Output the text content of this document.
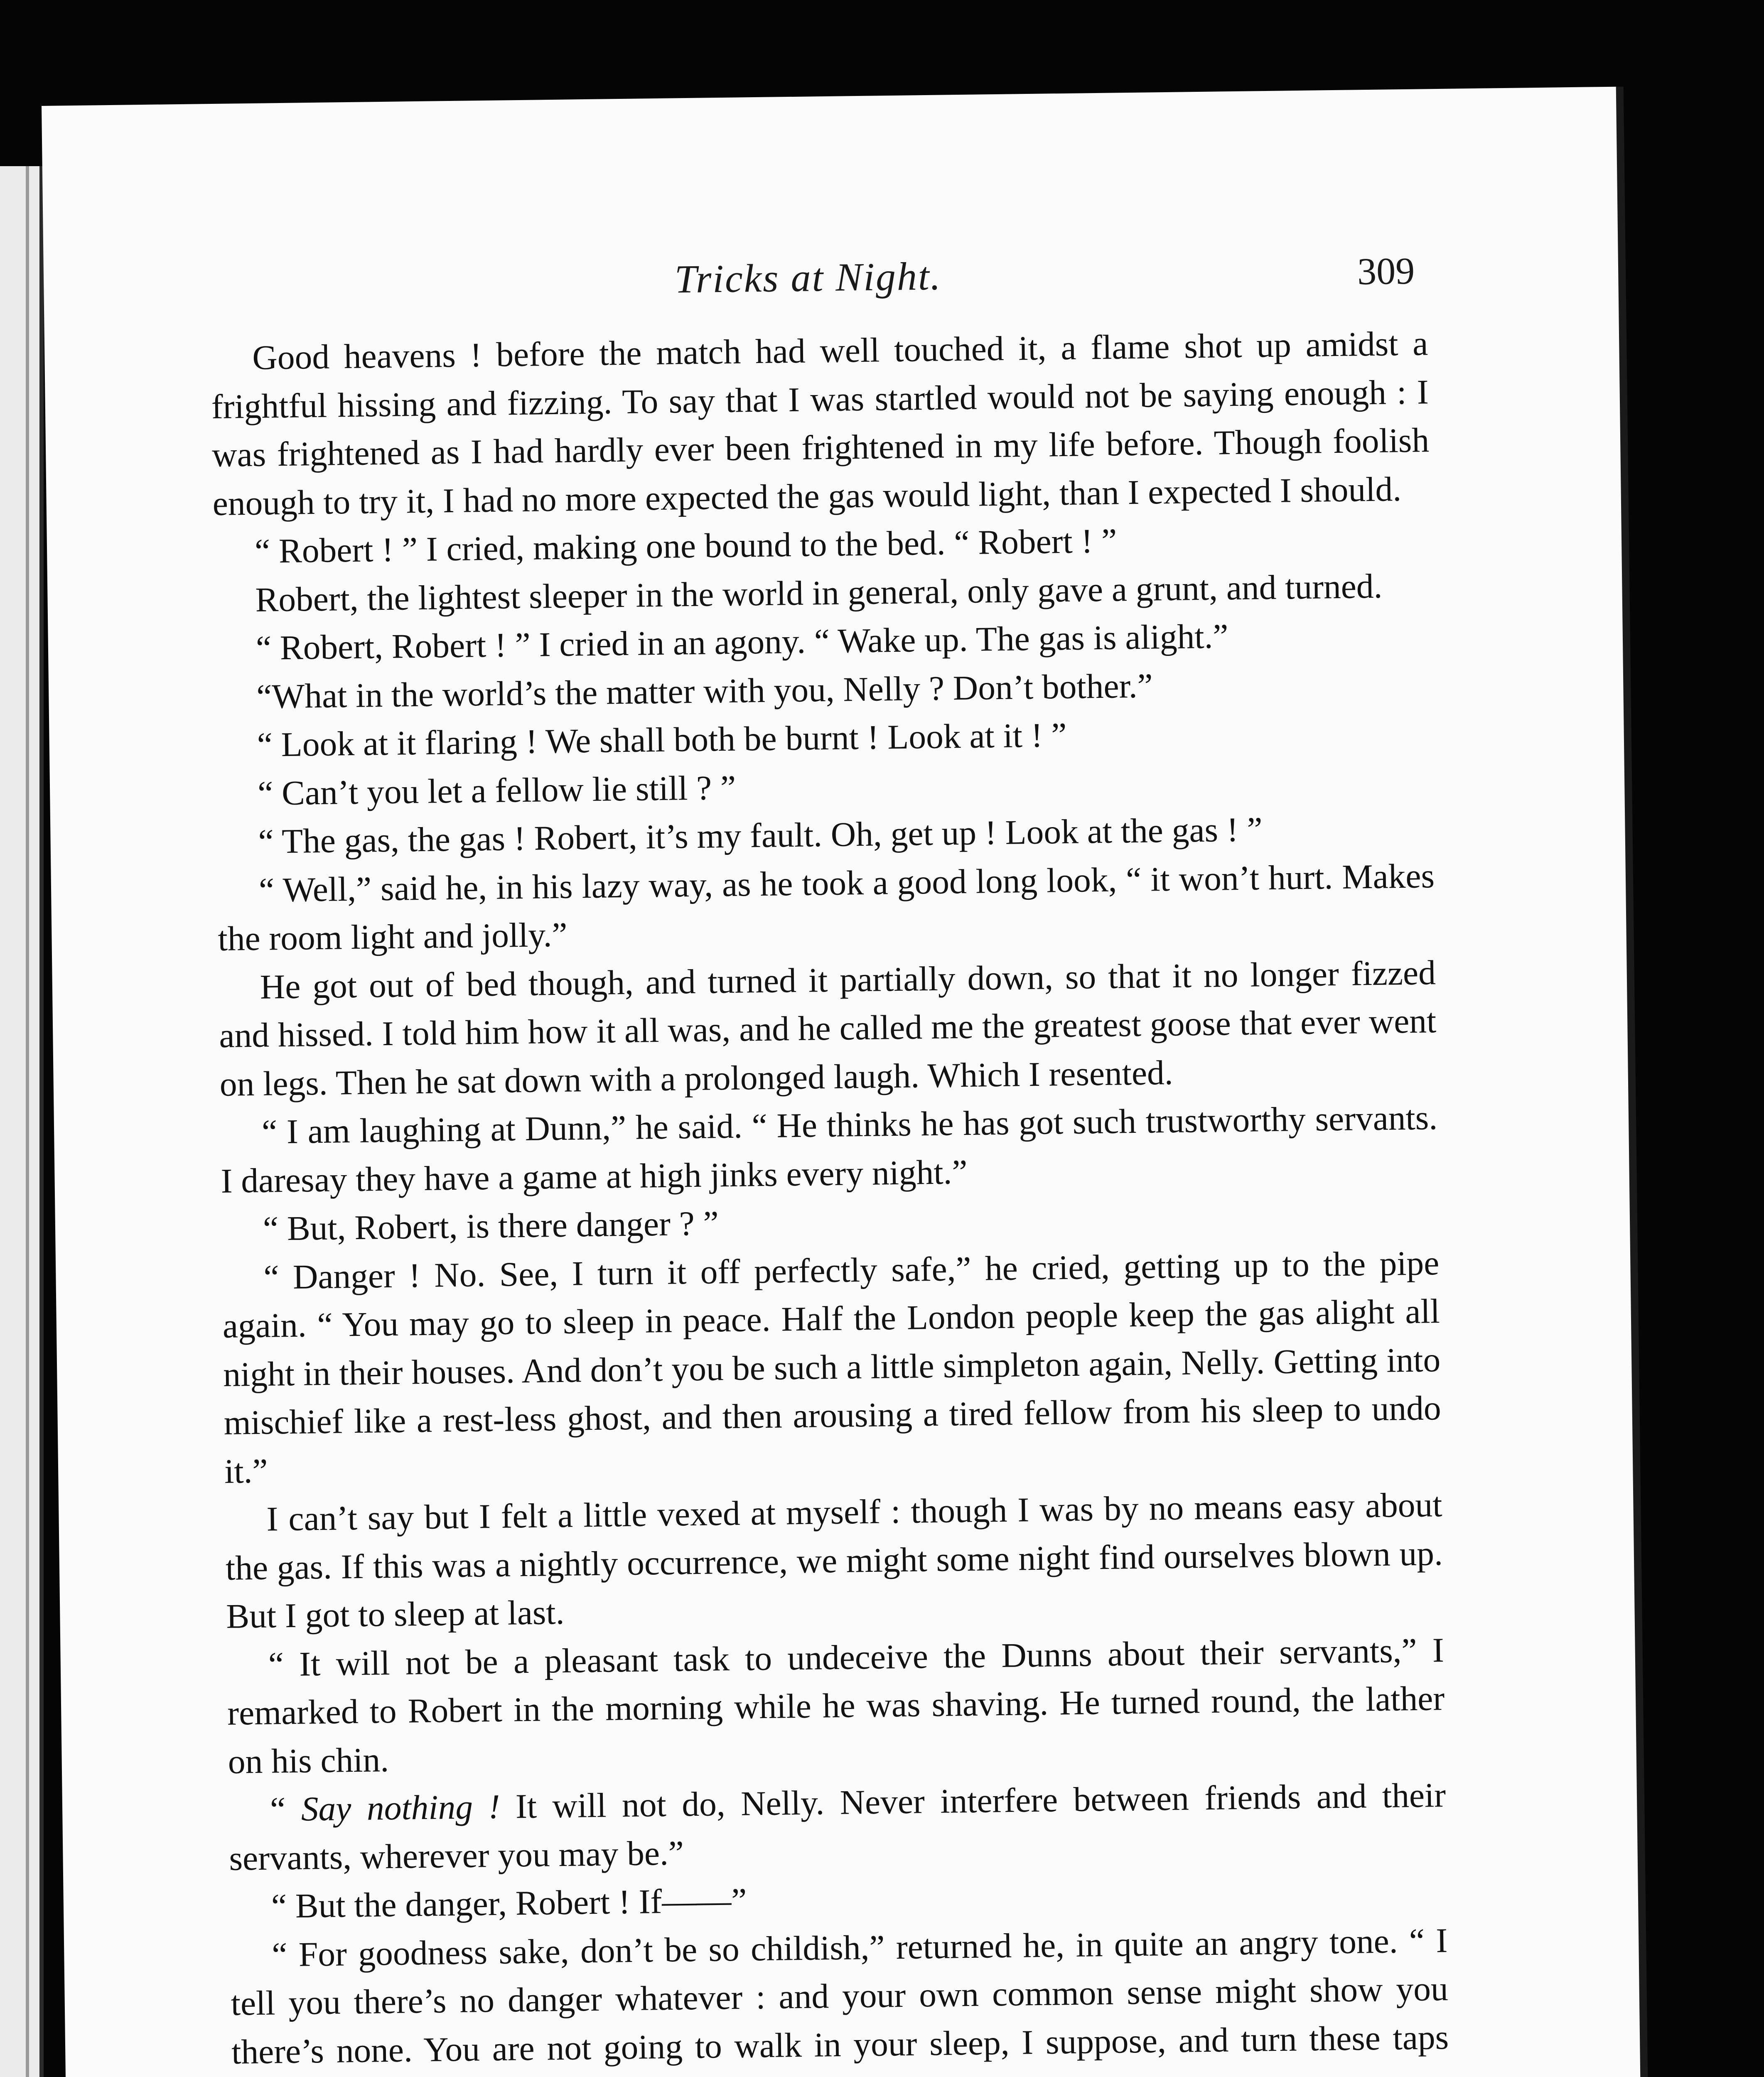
Tricks at Night.	309

Good heavens ! before the match had well touched it, a flame shot up amidst a frightful hissing and fizzing. To say that I was startled would not be saying enough : I was frightened as I had hardly ever been frightened in my life before. Though foolish enough to try it, I had no more expected the gas would light, than I expected I should.

“ Robert ! ” I cried, making one bound to the bed. “ Robert ! ”

Robert, the lightest sleeper in the world in general, only gave a grunt, and turned.

“ Robert, Robert ! ” I cried in an agony. “ Wake up. The gas is alight.”

“What in the world’s the matter with you, Nelly ? Don’t bother.”

“ Look at it flaring ! We shall both be burnt ! Look at it ! ”

“ Can’t you let a fellow lie still ? ”

“ The gas, the gas ! Robert, it’s my fault. Oh, get up ! Look at the gas ! ”

“ Well,” said he, in his lazy way, as he took a good long look, “ it won’t hurt. Makes the room light and jolly.”

He got out of bed though, and turned it partially down, so that it no longer fizzed and hissed. I told him how it all was, and he called me the greatest goose that ever went on legs. Then he sat down with a prolonged laugh. Which I resented.

“ I am laughing at Dunn,” he said. “ He thinks he has got such trustworthy servants. I daresay they have a game at high jinks every night.”

“ But, Robert, is there danger ? ”

“ Danger ! No. See, I turn it off perfectly safe,” he cried, getting up to the pipe again. “ You may go to sleep in peace. Half the London people keep the gas alight all night in their houses. And don’t you be such a little simpleton again, Nelly. Getting into mischief like a rest-less ghost, and then arousing a tired fellow from his sleep to undo it.”

I can’t say but I felt a little vexed at myself : though I was by no means easy about the gas. If this was a nightly occurrence, we might some night find ourselves blown up. But I got to sleep at last.

“ It will not be a pleasant task to undeceive the Dunns about their servants,” I remarked to Robert in the morning while he was shaving. He turned round, the lather on his chin.

“ Say nothing ! It will not do, Nelly. Never interfere between friends and their servants, wherever you may be.”

“ But the danger, Robert ! If——”

“ For goodness sake, don’t be so childish,” returned he, in quite an angry tone. “ I tell you there’s no danger whatever : and your own common sense might show you there’s none. You are not going to walk in your sleep, I suppose, and turn these taps
